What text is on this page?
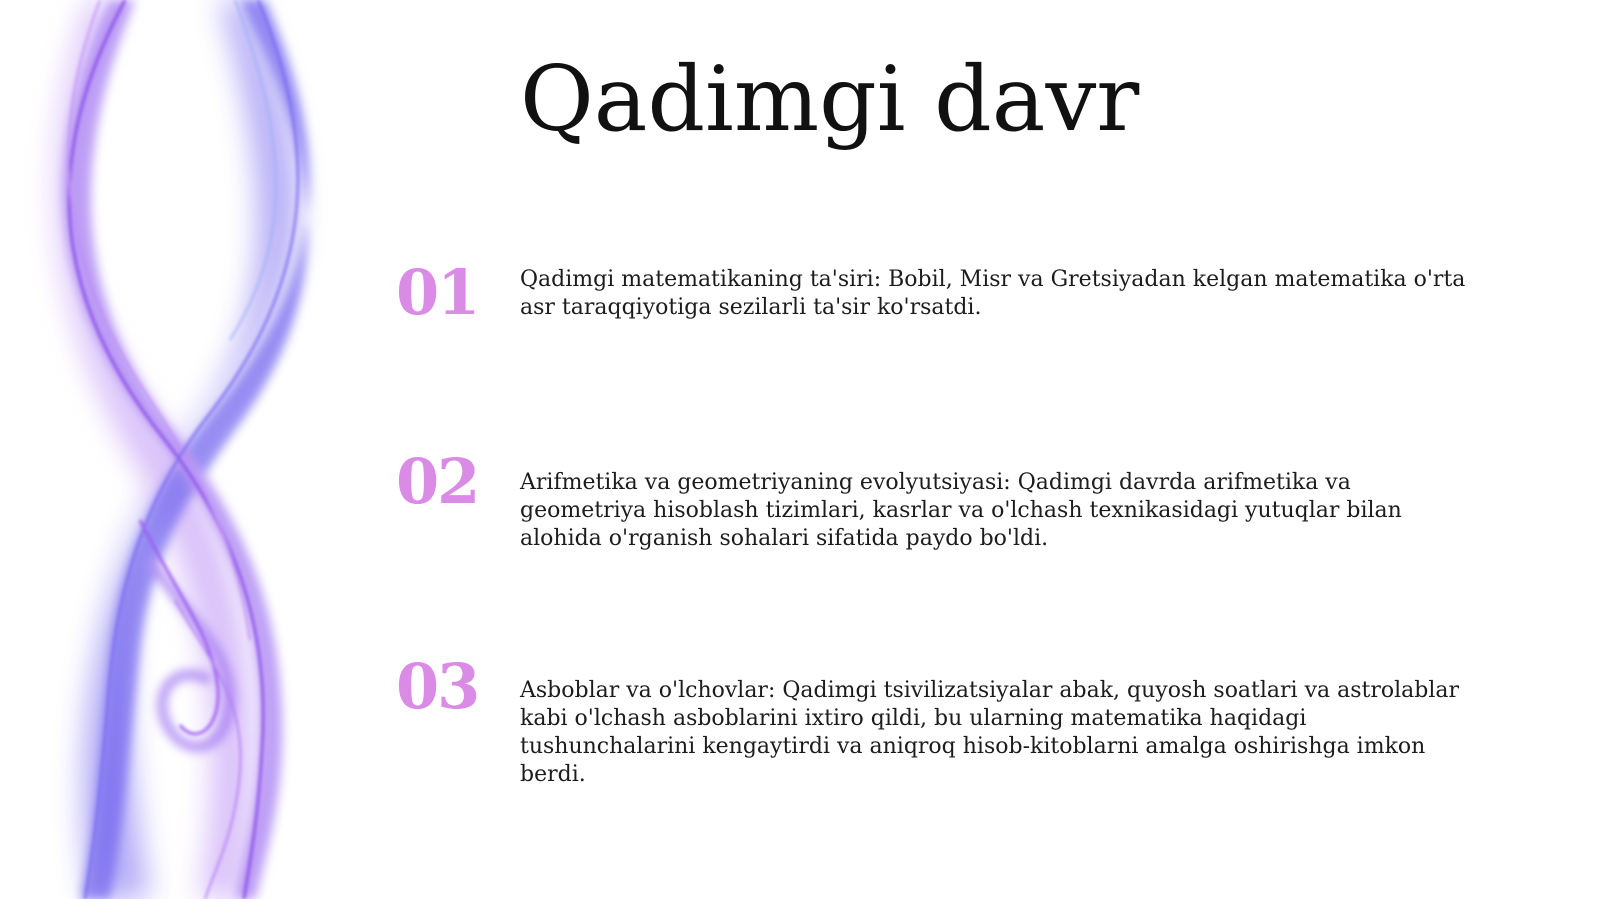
Qadimgi davr
01 Qadimgi matematikaning ta'siri: Bobil, Misr va Gretsiyadan kelgan matematika o'rta asr taraqqiyotiga sezilarli ta'sir ko'rsatdi.

02 Arifmetika va geometriyaning evolyutsiyasi: Qadimgi davrda arifmetika va geometriya hisoblash tizimlari, kasrlar va o'lchash texnikasidagi yutuqlar bilan alohida o'rganish sohalari sifatida paydo bo'ldi.

03 Asboblar va o'lchovlar: Qadimgi tsivilizatsiyalar abak, quyosh soatlari va astrolablar kabi o'lchash asboblarini ixtiro qildi, bu ularning matematika haqidagi tushunchalarini kengaytirdi va aniqroq hisob-kitoblarni amalga oshirishga imkon berdi.
